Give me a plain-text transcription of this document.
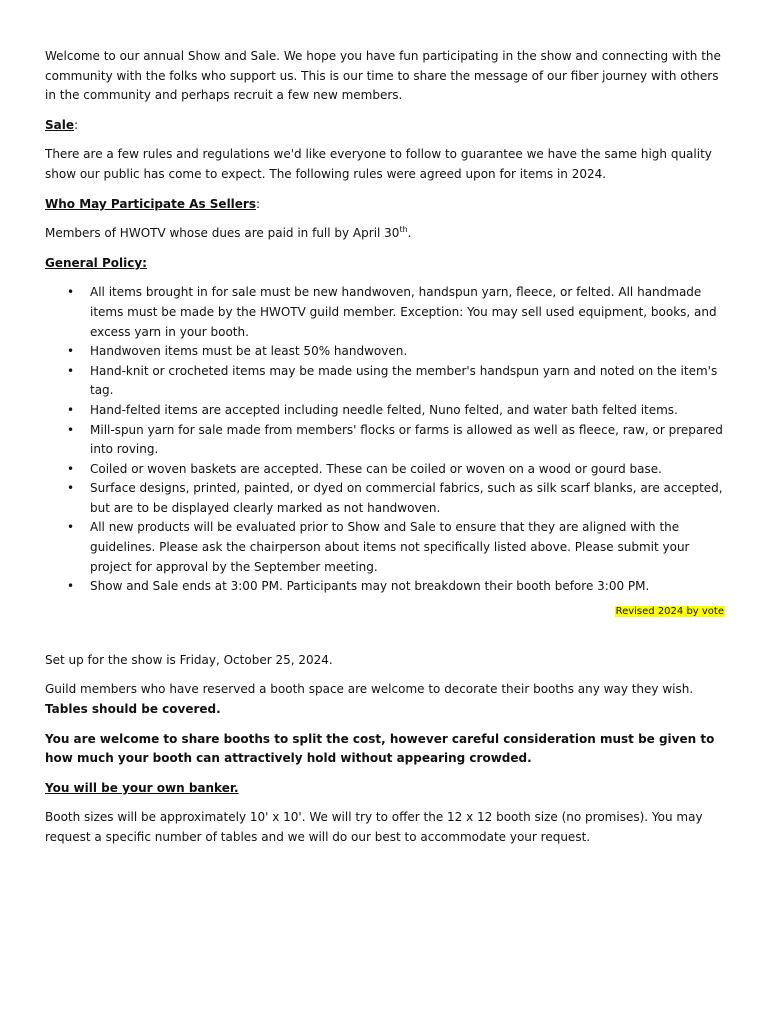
Welcome to our annual Show and Sale. We hope you have fun participating in the show and connecting with the community with the folks who support us. This is our time to share the message of our fiber journey with others in the community and perhaps recruit a few new members.

Sale:

There are a few rules and regulations we'd like everyone to follow to guarantee we have the same high quality show our public has come to expect. The following rules were agreed upon for items in 2024.

Who May Participate As Sellers:

Members of HWOTV whose dues are paid in full by April 30th.

General Policy:

• All items brought in for sale must be new handwoven, handspun yarn, fleece, or felted. All handmade items must be made by the HWOTV guild member. Exception: You may sell used equipment, books, and excess yarn in your booth.
• Handwoven items must be at least 50% handwoven.
• Hand-knit or crocheted items may be made using the member's handspun yarn and noted on the item's tag.
• Hand-felted items are accepted including needle felted, Nuno felted, and water bath felted items.
• Mill-spun yarn for sale made from members' flocks or farms is allowed as well as fleece, raw, or prepared into roving.
• Coiled or woven baskets are accepted. These can be coiled or woven on a wood or gourd base.
• Surface designs, printed, painted, or dyed on commercial fabrics, such as silk scarf blanks, are accepted, but are to be displayed clearly marked as not handwoven.
• All new products will be evaluated prior to Show and Sale to ensure that they are aligned with the guidelines. Please ask the chairperson about items not specifically listed above. Please submit your project for approval by the September meeting.
• Show and Sale ends at 3:00 PM. Participants may not breakdown their booth before 3:00 PM.

Revised 2024 by vote

Set up for the show is Friday, October 25, 2024.

Guild members who have reserved a booth space are welcome to decorate their booths any way they wish. Tables should be covered.

You are welcome to share booths to split the cost, however careful consideration must be given to how much your booth can attractively hold without appearing crowded.

You will be your own banker.

Booth sizes will be approximately 10' x 10'. We will try to offer the 12 x 12 booth size (no promises). You may request a specific number of tables and we will do our best to accommodate your request.
